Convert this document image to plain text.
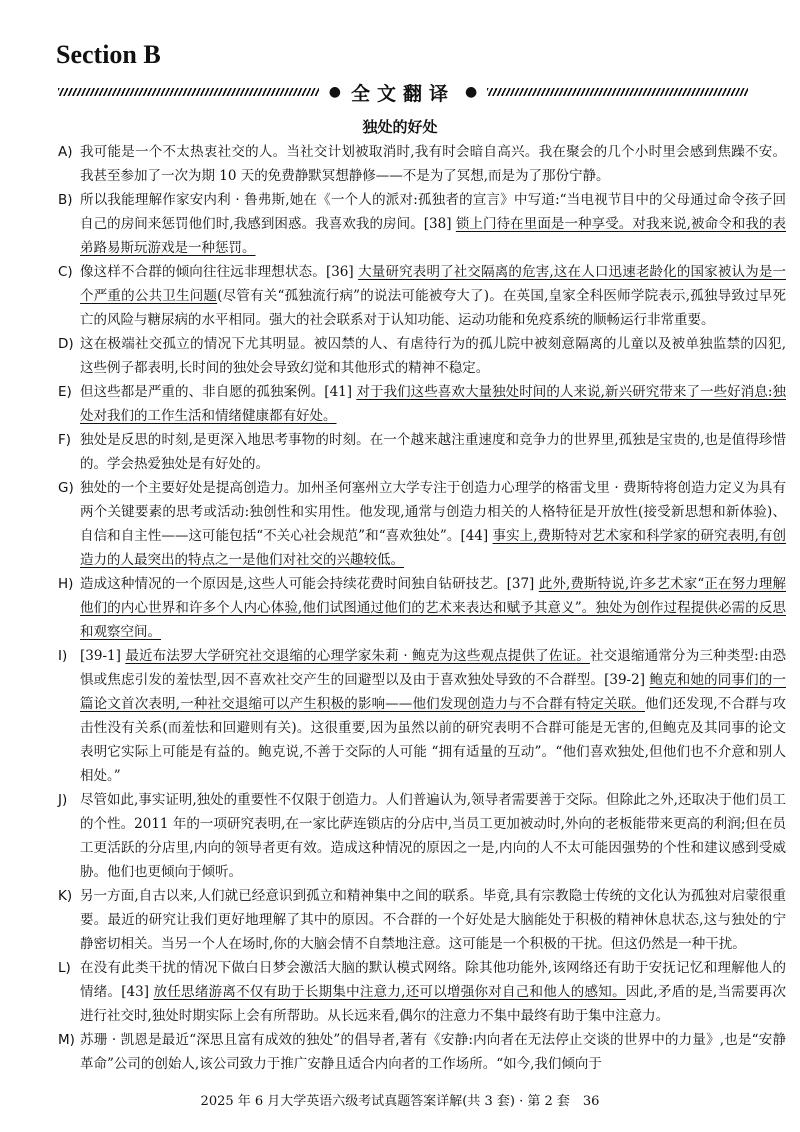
Section B
● 全文翻译 ●
独处的好处
A) 我可能是一个不太热衷社交的人。当社交计划被取消时,我有时会暗自高兴。我在聚会的几个小时里会感到焦躁不安。我甚至参加了一次为期 10 天的免费静默冥想静修——不是为了冥想,而是为了那份宁静。
B) 所以我能理解作家安内利 · 鲁弗斯,她在《一个人的派对:孤独者的宣言》中写道:“当电视节目中的父母通过命令孩子回自己的房间来惩罚他们时,我感到困惑。我喜欢我的房间。[38] 锁上门待在里面是一种享受。对我来说,被命令和我的表弟路易斯玩游戏是一种惩罚。
C) 像这样不合群的倾向往往远非理想状态。[36] 大量研究表明了社交隔离的危害,这在人口迅速老龄化的国家被认为是一个严重的公共卫生问题(尽管有关“孤独流行病”的说法可能被夸大了)。在英国,皇家全科医师学院表示,孤独导致过早死亡的风险与糖尿病的水平相同。强大的社会联系对于认知功能、运动功能和免疫系统的顺畅运行非常重要。
D) 这在极端社交孤立的情况下尤其明显。被囚禁的人、有虐待行为的孤儿院中被刻意隔离的儿童以及被单独监禁的囚犯,这些例子都表明,长时间的独处会导致幻觉和其他形式的精神不稳定。
E) 但这些都是严重的、非自愿的孤独案例。[41] 对于我们这些喜欢大量独处时间的人来说,新兴研究带来了一些好消息:独处对我们的工作生活和情绪健康都有好处。
F) 独处是反思的时刻,是更深入地思考事物的时刻。在一个越来越注重速度和竞争力的世界里,孤独是宝贵的,也是值得珍惜的。学会热爱独处是有好处的。
G) 独处的一个主要好处是提高创造力。加州圣何塞州立大学专注于创造力心理学的格雷戈里 · 费斯特将创造力定义为具有两个关键要素的思考或活动:独创性和实用性。他发现,通常与创造力相关的人格特征是开放性(接受新思想和新体验)、自信和自主性——这可能包括“不关心社会规范”和“喜欢独处”。[44] 事实上,费斯特对艺术家和科学家的研究表明,有创造力的人最突出的特点之一是他们对社交的兴趣较低。
H) 造成这种情况的一个原因是,这些人可能会持续花费时间独自钻研技艺。[37] 此外,费斯特说,许多艺术家“正在努力理解他们的内心世界和许多个人内心体验,他们试图通过他们的艺术来表达和赋予其意义”。独处为创作过程提供必需的反思和观察空间。
I) [39-1] 最近布法罗大学研究社交退缩的心理学家朱莉 · 鲍克为这些观点提供了佐证。社交退缩通常分为三种类型:由恐惧或焦虑引发的羞怯型,因不喜欢社交产生的回避型以及由于喜欢独处导致的不合群型。[39-2] 鲍克和她的同事们的一篇论文首次表明,一种社交退缩可以产生积极的影响——他们发现创造力与不合群有特定关联。他们还发现,不合群与攻击性没有关系(而羞怯和回避则有关)。这很重要,因为虽然以前的研究表明不合群可能是无害的,但鲍克及其同事的论文表明它实际上可能是有益的。鲍克说,不善于交际的人可能 “拥有适量的互动”。“他们喜欢独处,但他们也不介意和别人相处。”
J) 尽管如此,事实证明,独处的重要性不仅限于创造力。人们普遍认为,领导者需要善于交际。但除此之外,还取决于他们员工的个性。2011 年的一项研究表明,在一家比萨连锁店的分店中,当员工更加被动时,外向的老板能带来更高的利润;但在员工更活跃的分店里,内向的领导者更有效。造成这种情况的原因之一是,内向的人不太可能因强势的个性和建议感到受威胁。他们也更倾向于倾听。
K) 另一方面,自古以来,人们就已经意识到孤立和精神集中之间的联系。毕竟,具有宗教隐士传统的文化认为孤独对启蒙很重要。最近的研究让我们更好地理解了其中的原因。不合群的一个好处是大脑能处于积极的精神休息状态,这与独处的宁静密切相关。当另一个人在场时,你的大脑会情不自禁地注意。这可能是一个积极的干扰。但这仍然是一种干扰。
L) 在没有此类干扰的情况下做白日梦会激活大脑的默认模式网络。除其他功能外,该网络还有助于安抚记忆和理解他人的情绪。[43] 放任思绪游离不仅有助于长期集中注意力,还可以增强你对自己和他人的感知。因此,矛盾的是,当需要再次进行社交时,独处时期实际上会有所帮助。从长远来看,偶尔的注意力不集中最终有助于集中注意力。
M) 苏珊 · 凯恩是最近“深思且富有成效的独处”的倡导者,著有《安静:内向者在无法停止交谈的世界中的力量》,也是“安静革命”公司的创始人,该公司致力于推广安静且适合内向者的工作场所。“如今,我们倾向于

2025 年 6 月大学英语六级考试真题答案详解(共 3 套) · 第 2 套　36
